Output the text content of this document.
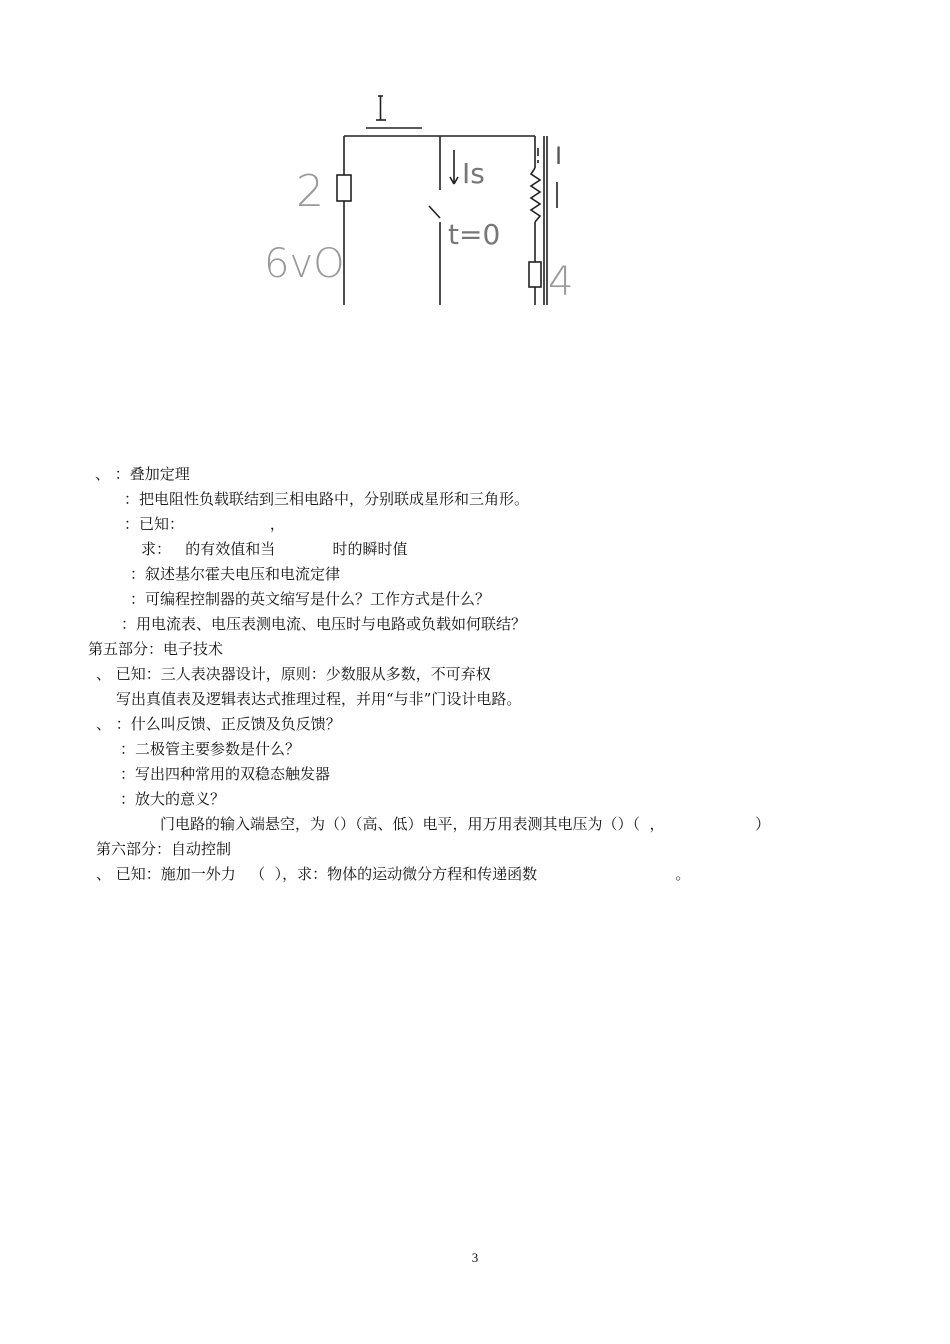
2
6vO
Is
t=0
I
4
、 ：叠加定理
：把电阻性负载联结到三相电路中，分别联成星形和三角形。
：已知：                  ，
求：   的有效值和当            时的瞬时值
：叙述基尔霍夫电压和电流定律
：可编程控制器的英文缩写是什么？工作方式是什么？
：用电流表、电压表测电流、电压时与电路或负载如何联结？
第五部分：电子技术
、 已知：三人表决器设计，原则：少数服从多数，不可弃权
写出真值表及逻辑表达式推理过程，并用“与非”门设计电路。
、 ：什么叫反馈、正反馈及负反馈？
：二极管主要参数是什么？
：写出四种常用的双稳态触发器
：放大的意义？
门电路的输入端悬空，为（）（高、低）电平，用万用表测其电压为（）（  ，                   ）
第六部分：自动控制
、 已知：施加一外力   （  ），求：物体的运动微分方程和传递函数                             。
3
